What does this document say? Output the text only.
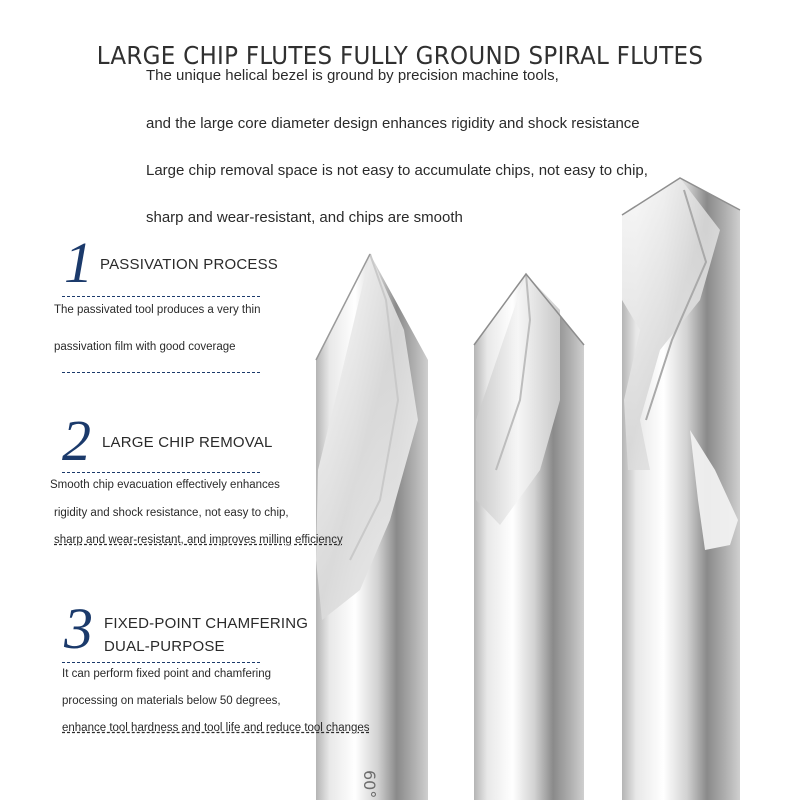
60°
LARGE CHIP FLUTES FULLY GROUND SPIRAL FLUTES
The unique helical bezel is ground by precision machine tools,
and the large core diameter design enhances rigidity and shock resistance
Large chip removal space is not easy to accumulate chips, not easy to chip,
sharp and wear-resistant, and chips are smooth
1 PASSIVATION PROCESS
The passivated tool produces a very thin
passivation film with good coverage
2 LARGE CHIP REMOVAL
Smooth chip evacuation effectively enhances
rigidity and shock resistance, not easy to chip,
sharp and wear-resistant, and improves milling efficiency
3 FIXED-POINT CHAMFERING
DUAL-PURPOSE
It can perform fixed point and chamfering
processing on materials below 50 degrees,
enhance tool hardness and tool life and reduce tool changes
